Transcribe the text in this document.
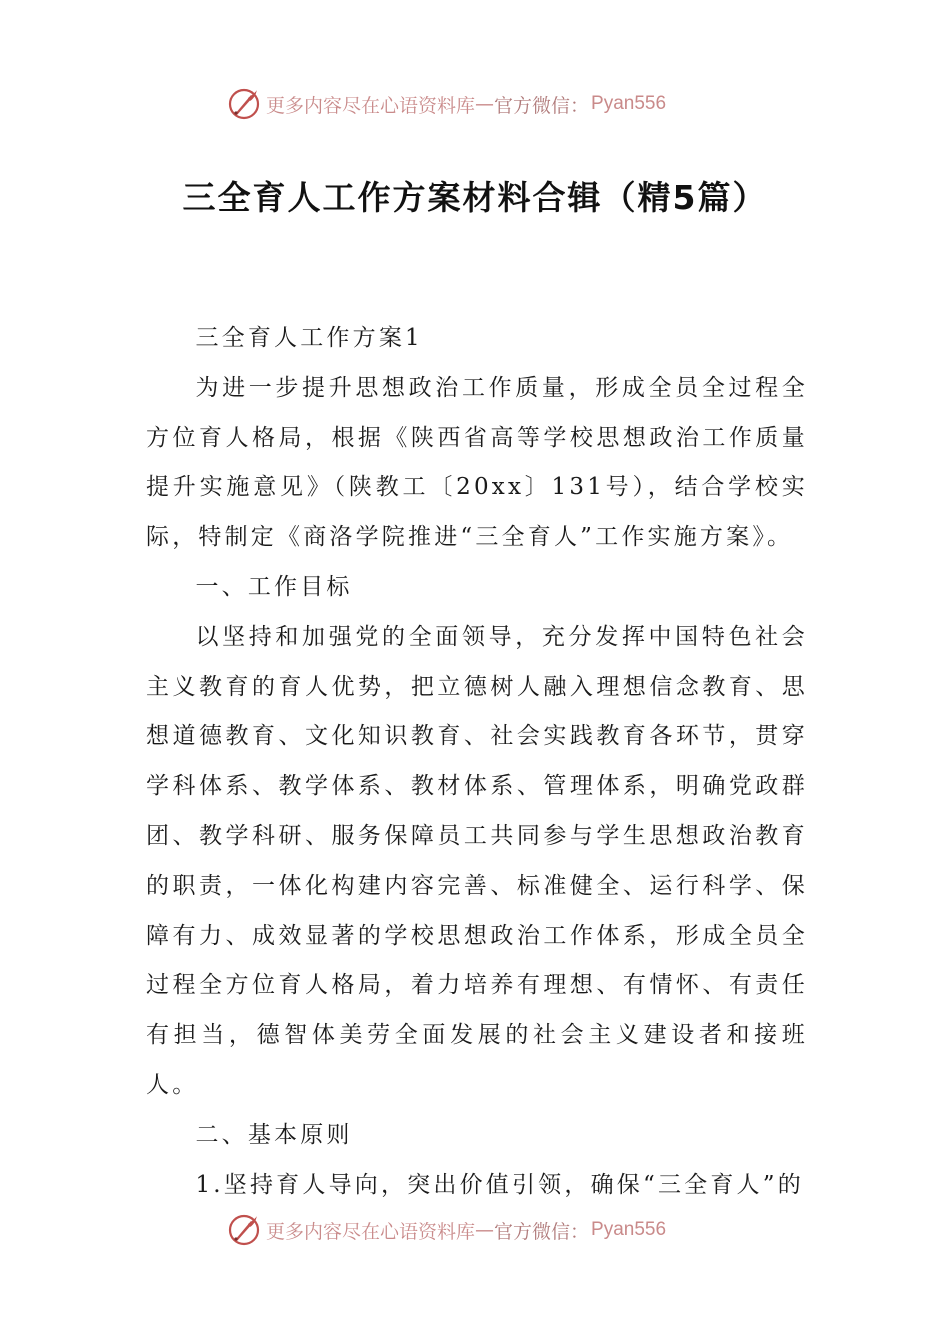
更多内容尽在心语资料库 — 官方微信： Pyan556
三全育人工作方案材料合辑（精5篇）

三全育人工作方案1

为进一步提升思想政治工作质量，形成全员全过程全方位育人格局，根据《陕西省高等学校思想政治工作质量提升实施意见》（陕教工〔20xx〕131号），结合学校实际，特制定《商洛学院推进“三全育人”工作实施方案》。

一、工作目标

以坚持和加强党的全面领导，充分发挥中国特色社会主义教育的育人优势，把立德树人融入理想信念教育、思想道德教育、文化知识教育、社会实践教育各环节，贯穿学科体系、教学体系、教材体系、管理体系，明确党政群团、教学科研、服务保障员工共同参与学生思想政治教育的职责，一体化构建内容完善、标准健全、运行科学、保障有力、成效显著的学校思想政治工作体系，形成全员全过程全方位育人格局，着力培养有理想、有情怀、有责任有担当，德智体美劳全面发展的社会主义建设者和接班人。

二、基本原则

1.坚持育人导向，突出价值引领，确保“三全育人”的

更多内容尽在心语资料库 — 官方微信： Pyan556
